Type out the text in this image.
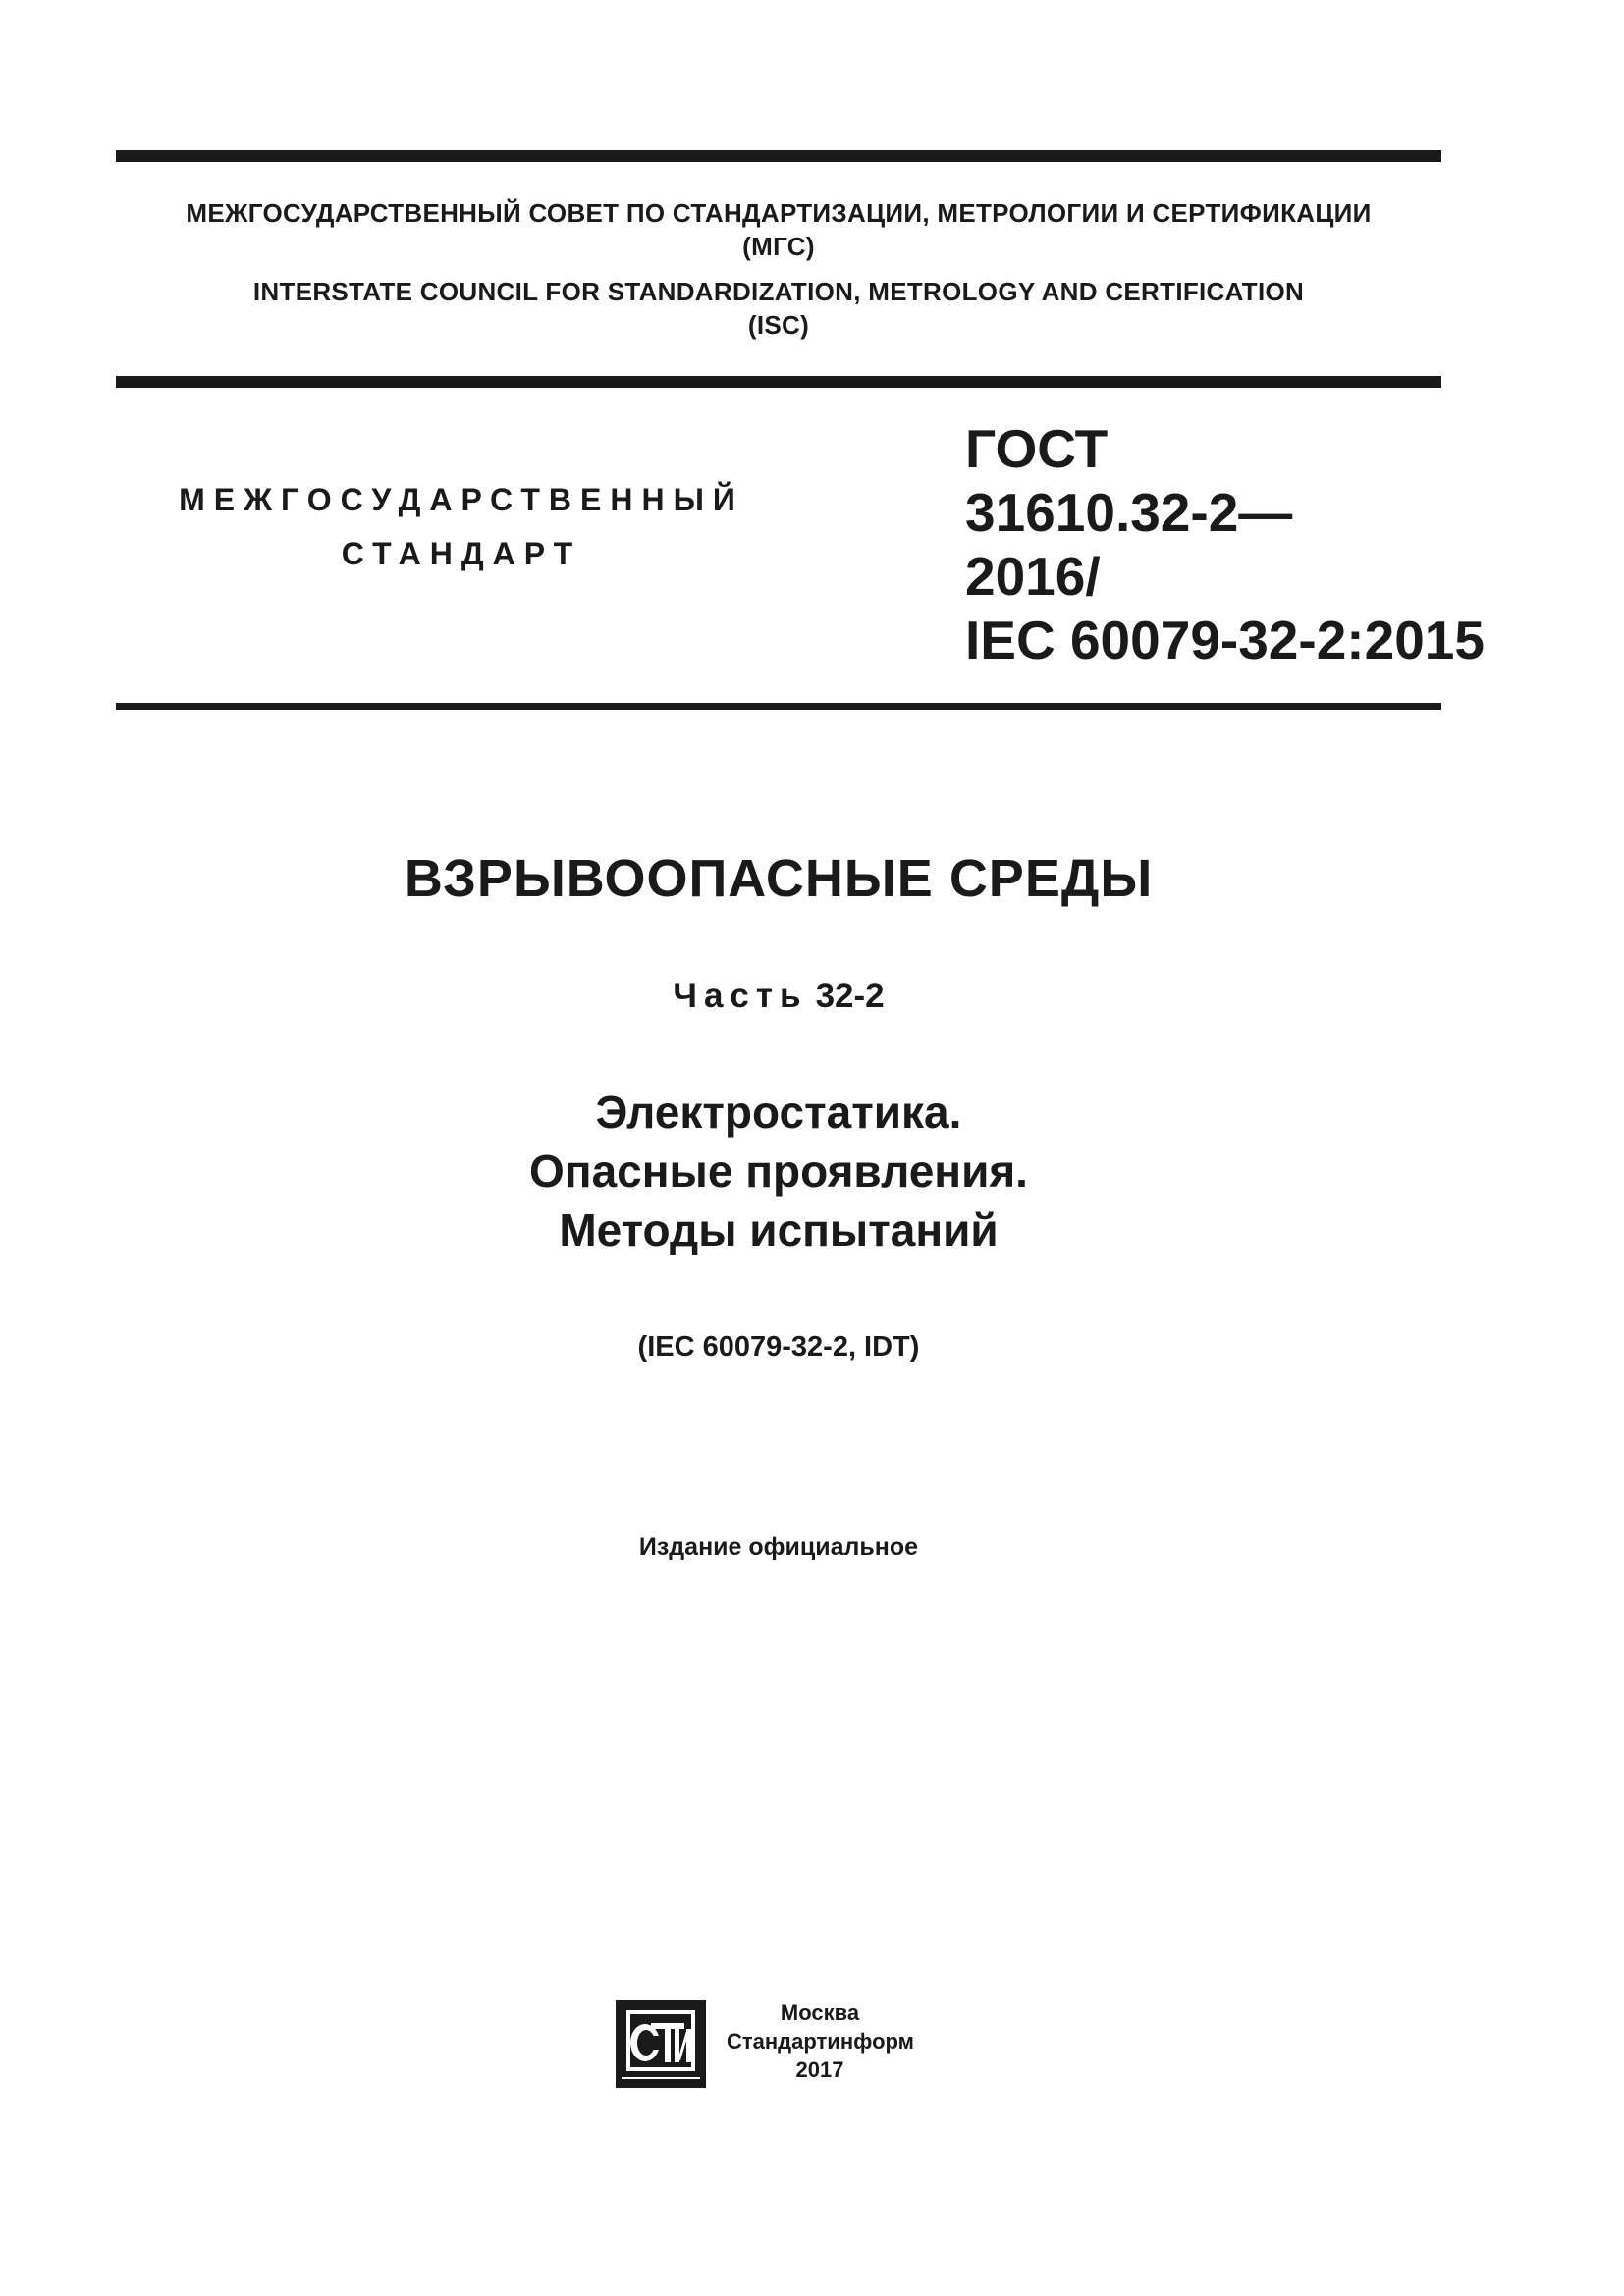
МЕЖГОСУДАРСТВЕННЫЙ СОВЕТ ПО СТАНДАРТИЗАЦИИ, МЕТРОЛОГИИ И СЕРТИФИКАЦИИ
(МГС)
INTERSTATE COUNCIL FOR STANDARDIZATION, METROLOGY AND CERTIFICATION
(ISC)
МЕЖГОСУДАРСТВЕННЫЙ
СТАНДАРТ
ГОСТ
31610.32-2—
2016/
IEC 60079-32-2:2015
ВЗРЫВООПАСНЫЕ СРЕДЫ
Часть 32-2
Электростатика.
Опасные проявления.
Методы испытаний
(IEC 60079-32-2, IDT)
Издание официальное
СТИ
Москва
Стандартинформ
2017
